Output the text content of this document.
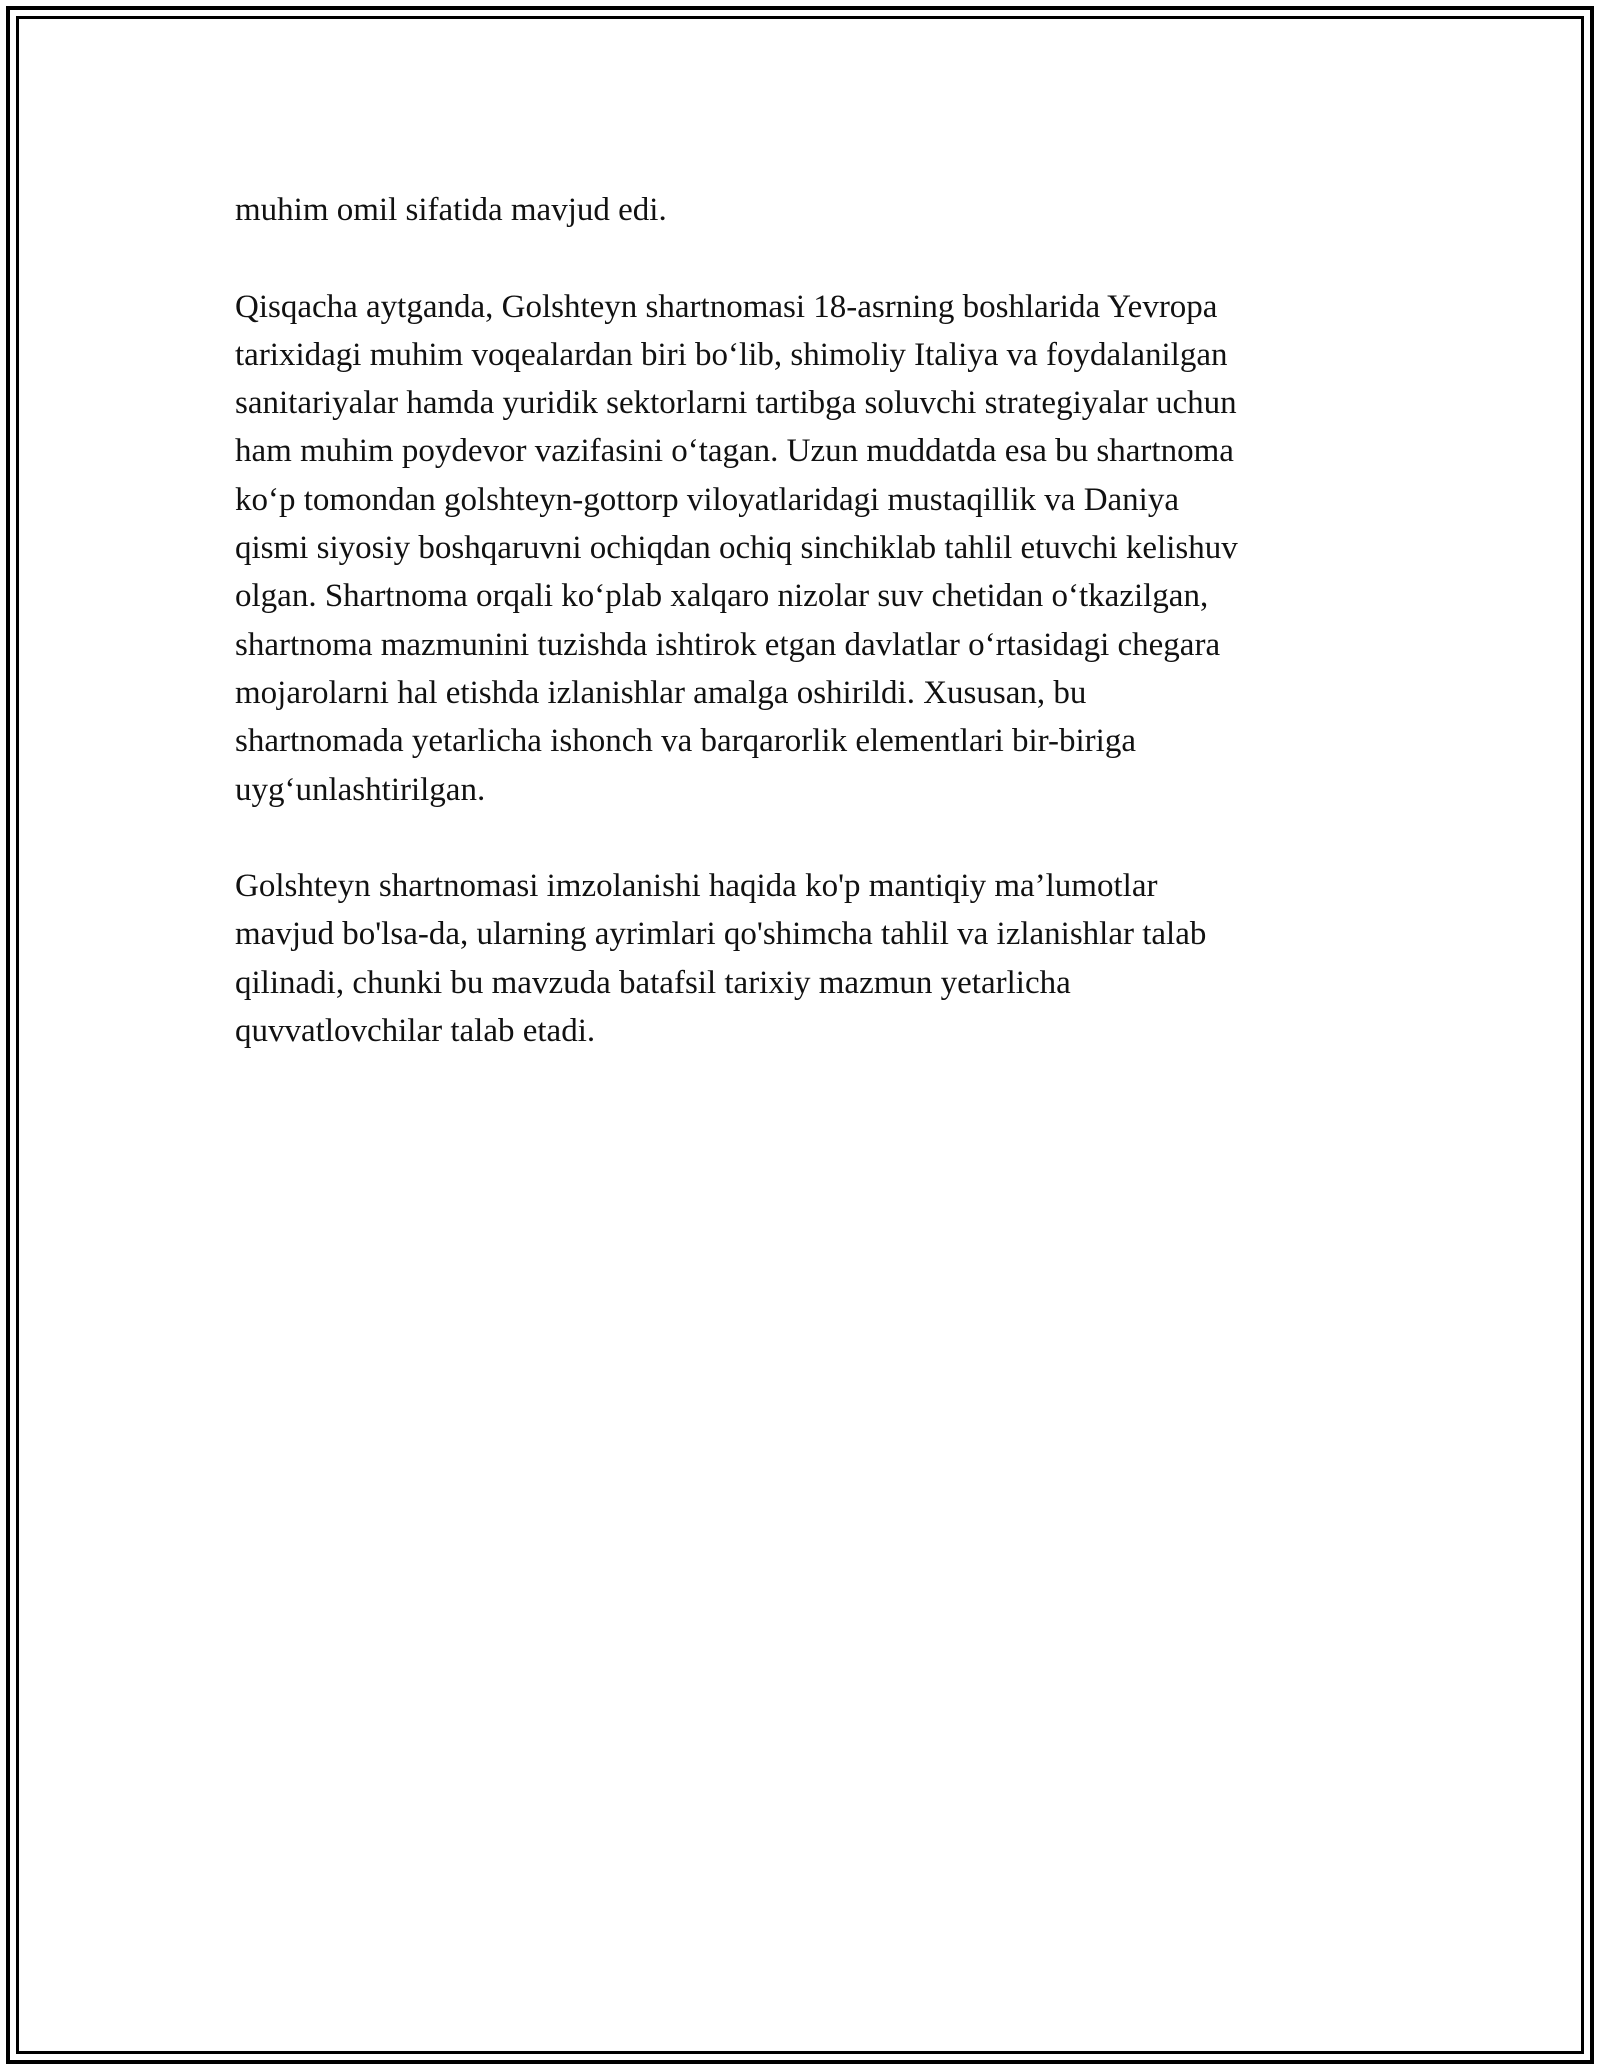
muhim omil sifatida mavjud edi.

Qisqacha aytganda, Golshteyn shartnomasi 18-asrning boshlarida Yevropa
tarixidagi muhim voqealardan biri bo‘lib, shimoliy Italiya va foydalanilgan
sanitariyalar hamda yuridik sektorlarni tartibga soluvchi strategiyalar uchun
ham muhim poydevor vazifasini o‘tagan. Uzun muddatda esa bu shartnoma
ko‘p tomondan golshteyn-gottorp viloyatlaridagi mustaqillik va Daniya
qismi siyosiy boshqaruvni ochiqdan ochiq sinchiklab tahlil etuvchi kelishuv
olgan. Shartnoma orqali ko‘plab xalqaro nizolar suv chetidan o‘tkazilgan,
shartnoma mazmunini tuzishda ishtirok etgan davlatlar o‘rtasidagi chegara
mojarolarni hal etishda izlanishlar amalga oshirildi. Xususan, bu
shartnomada yetarlicha ishonch va barqarorlik elementlari bir-biriga
uyg‘unlashtirilgan.

Golshteyn shartnomasi imzolanishi haqida ko'p mantiqiy ma’lumotlar
mavjud bo'lsa-da, ularning ayrimlari qo'shimcha tahlil va izlanishlar talab
qilinadi, chunki bu mavzuda batafsil tarixiy mazmun yetarlicha
quvvatlovchilar talab etadi.
